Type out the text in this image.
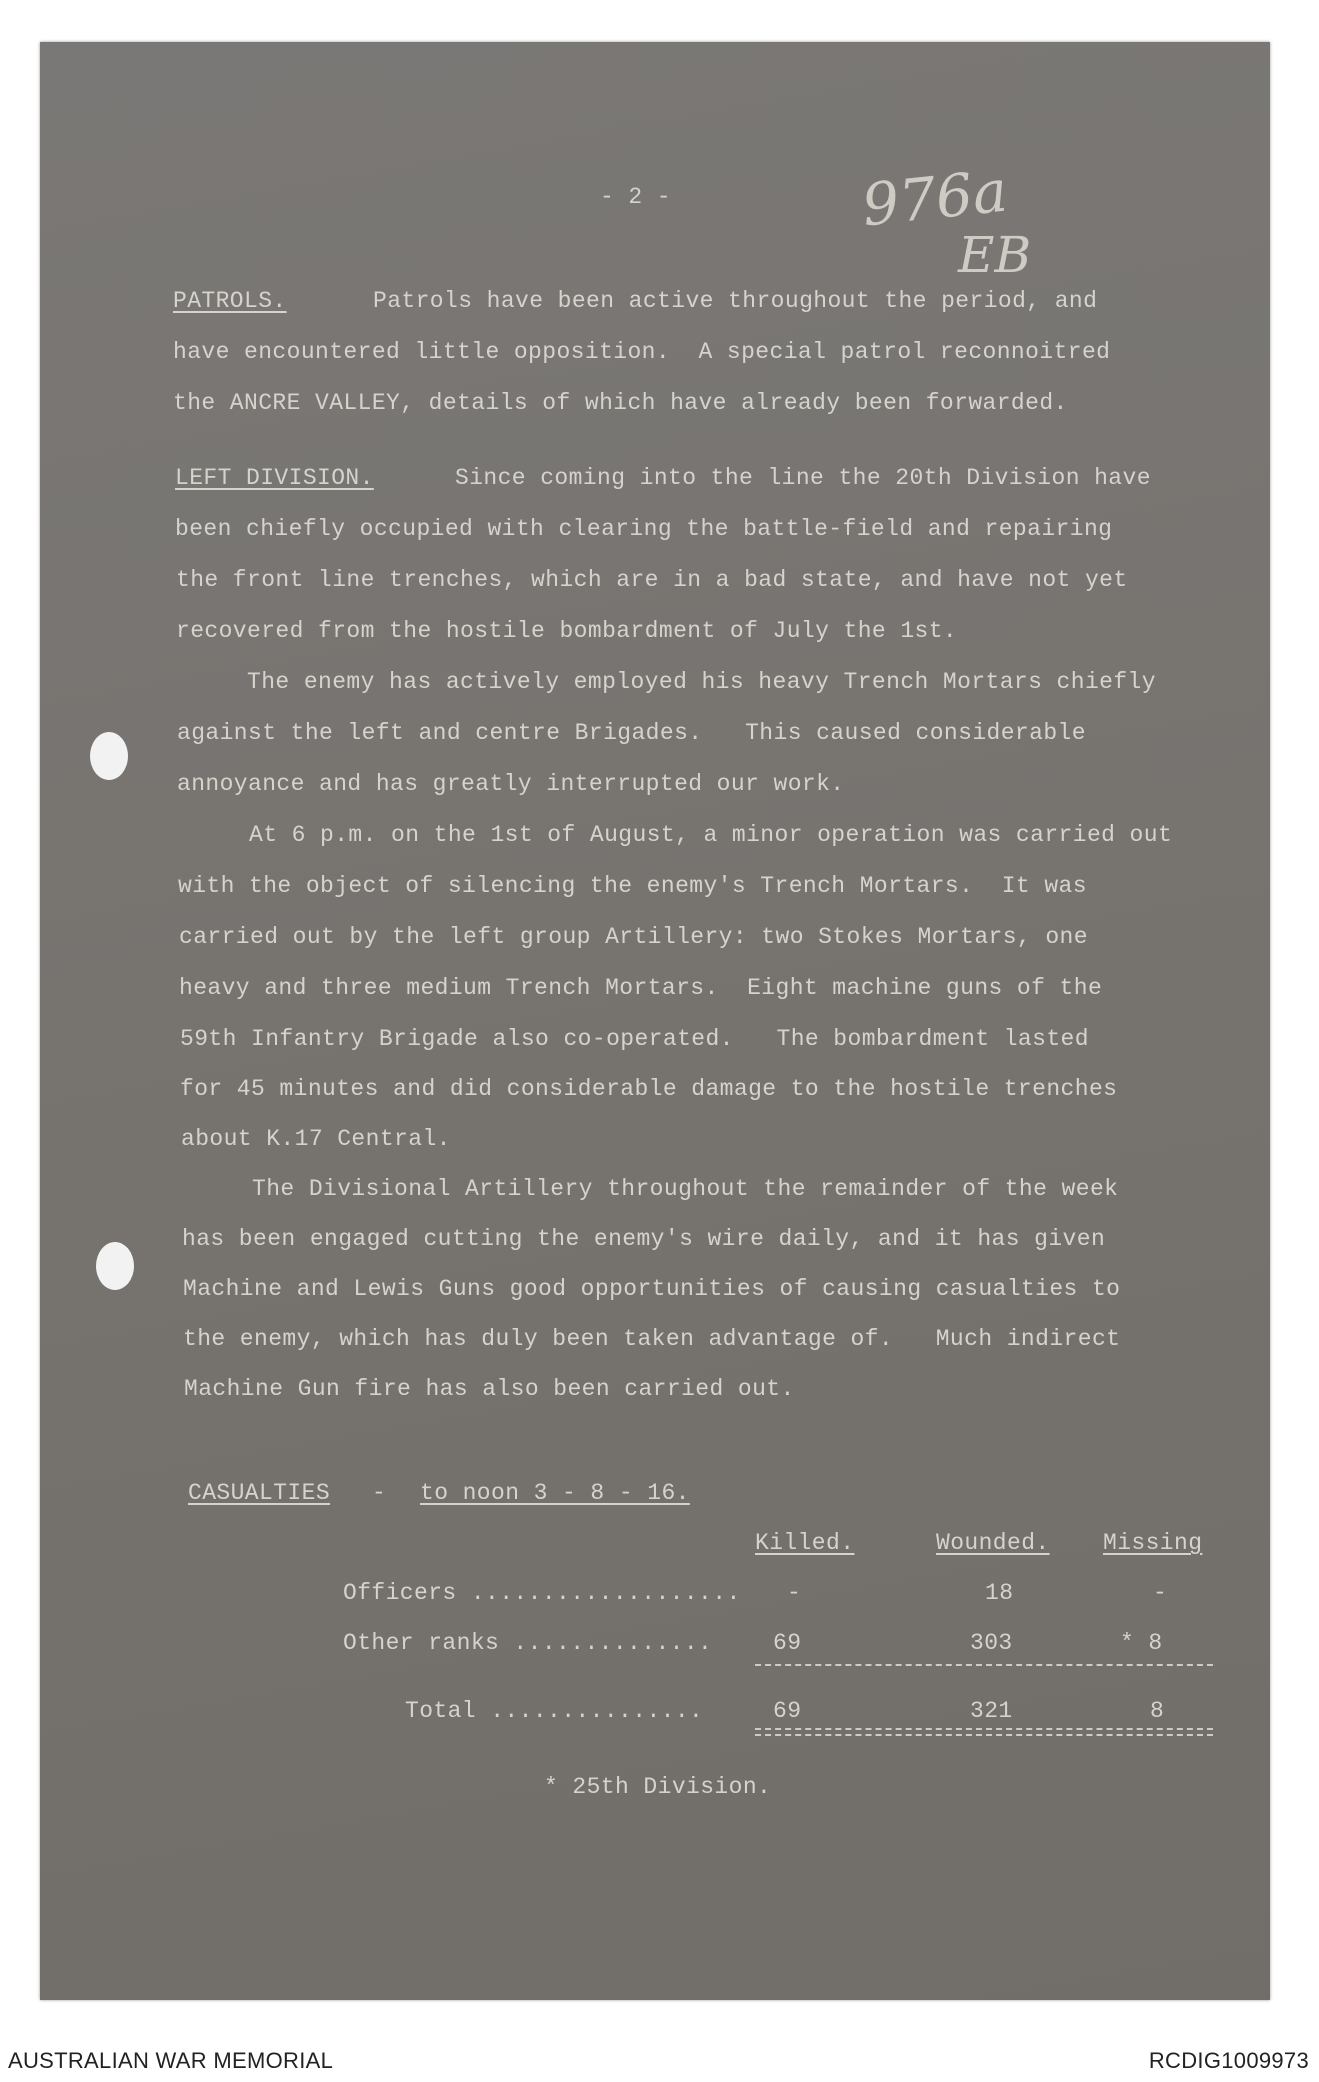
- 2 -	976a
EB
PATROLS.	Patrols have been active throughout the period, and
have encountered little opposition.  A special patrol reconnoitred
the ANCRE VALLEY, details of which have already been forwarded.
LEFT DIVISION.	Since coming into the line the 20th Division have
been chiefly occupied with clearing the battle-field and repairing
the front line trenches, which are in a bad state, and have not yet
recovered from the hostile bombardment of July the 1st.
The enemy has actively employed his heavy Trench Mortars chiefly
against the left and centre Brigades.   This caused considerable
annoyance and has greatly interrupted our work.
At 6 p.m. on the 1st of August, a minor operation was carried out
with the object of silencing the enemy's Trench Mortars.  It was
carried out by the left group Artillery: two Stokes Mortars, one
heavy and three medium Trench Mortars.  Eight machine guns of the
59th Infantry Brigade also co-operated.   The bombardment lasted
for 45 minutes and did considerable damage to the hostile trenches
about K.17 Central.
The Divisional Artillery throughout the remainder of the week
has been engaged cutting the enemy's wire daily, and it has given
Machine and Lewis Guns good opportunities of causing casualties to
the enemy, which has duly been taken advantage of.   Much indirect
Machine Gun fire has also been carried out.
CASUALTIES - to noon 3 - 8 - 16.
Killed.	Wounded. Missing
Officers ................... -	18	-
Other ranks ..............	69	303	* 8
Total ...............	69	321	8
* 25th Division.
AUSTRALIAN WAR MEMORIAL	RCDIG1009973
